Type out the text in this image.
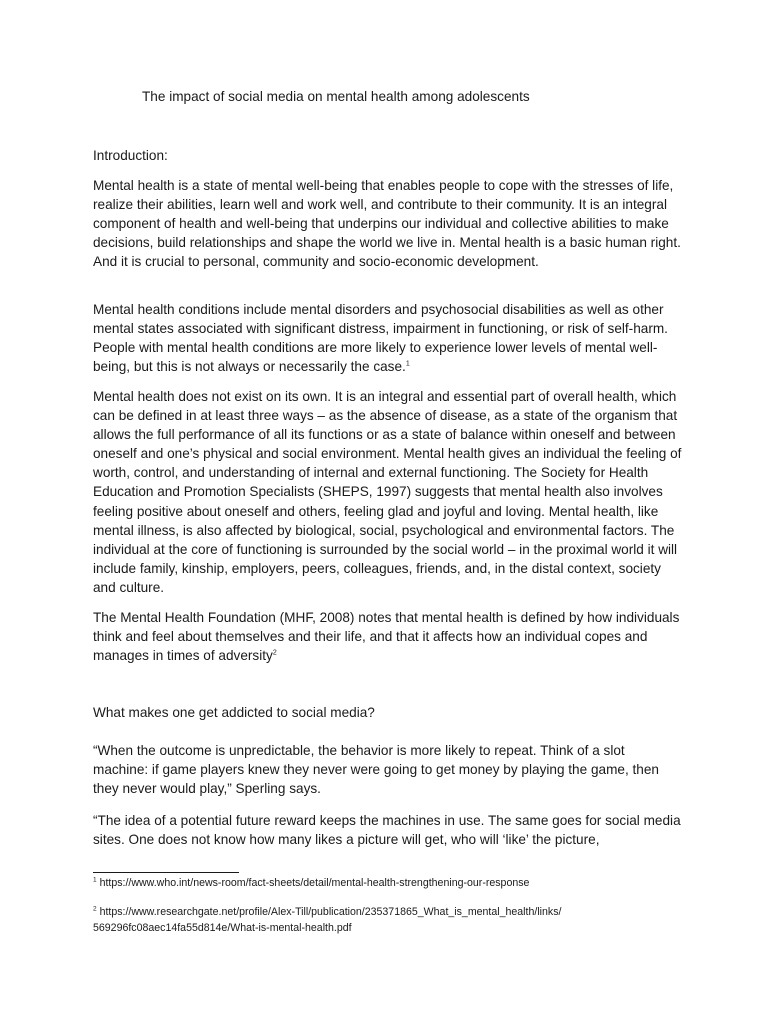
The impact of social media on mental health among adolescents
Introduction:

Mental health is a state of mental well-being that enables people to cope with the stresses of life, realize their abilities, learn well and work well, and contribute to their community. It is an integral component of health and well-being that underpins our individual and collective abilities to make decisions, build relationships and shape the world we live in. Mental health is a basic human right. And it is crucial to personal, community and socio-economic development.

Mental health conditions include mental disorders and psychosocial disabilities as well as other mental states associated with significant distress, impairment in functioning, or risk of self-harm. People with mental health conditions are more likely to experience lower levels of mental well-being, but this is not always or necessarily the case.$^1$

Mental health does not exist on its own. It is an integral and essential part of overall health, which can be defined in at least three ways – as the absence of disease, as a state of the organism that allows the full performance of all its functions or as a state of balance within oneself and between oneself and one’s physical and social environment. Mental health gives an individual the feeling of worth, control, and understanding of internal and external functioning. The Society for Health Education and Promotion Specialists (SHEPS, 1997) suggests that mental health also involves feeling positive about oneself and others, feeling glad and joyful and loving. Mental health, like mental illness, is also affected by biological, social, psychological and environmental factors. The individual at the core of functioning is surrounded by the social world – in the proximal world it will include family, kinship, employers, peers, colleagues, friends, and, in the distal context, society and culture.

The Mental Health Foundation (MHF, 2008) notes that mental health is defined by how individuals think and feel about themselves and their life, and that it affects how an individual copes and manages in times of adversity$^2$

What makes one get addicted to social media?

“When the outcome is unpredictable, the behavior is more likely to repeat. Think of a slot machine: if game players knew they never were going to get money by playing the game, then they never would play,” Sperling says.

“The idea of a potential future reward keeps the machines in use. The same goes for social media sites. One does not know how many likes a picture will get, who will ‘like’ the picture,

$^1$ https://www.who.int/news-room/fact-sheets/detail/mental-health-strengthening-our-response

$^2$ https://www.researchgate.net/profile/Alex-Till/publication/235371865_What_is_mental_health/links/
569296fc08aec14fa55d814e/What-is-mental-health.pdf
